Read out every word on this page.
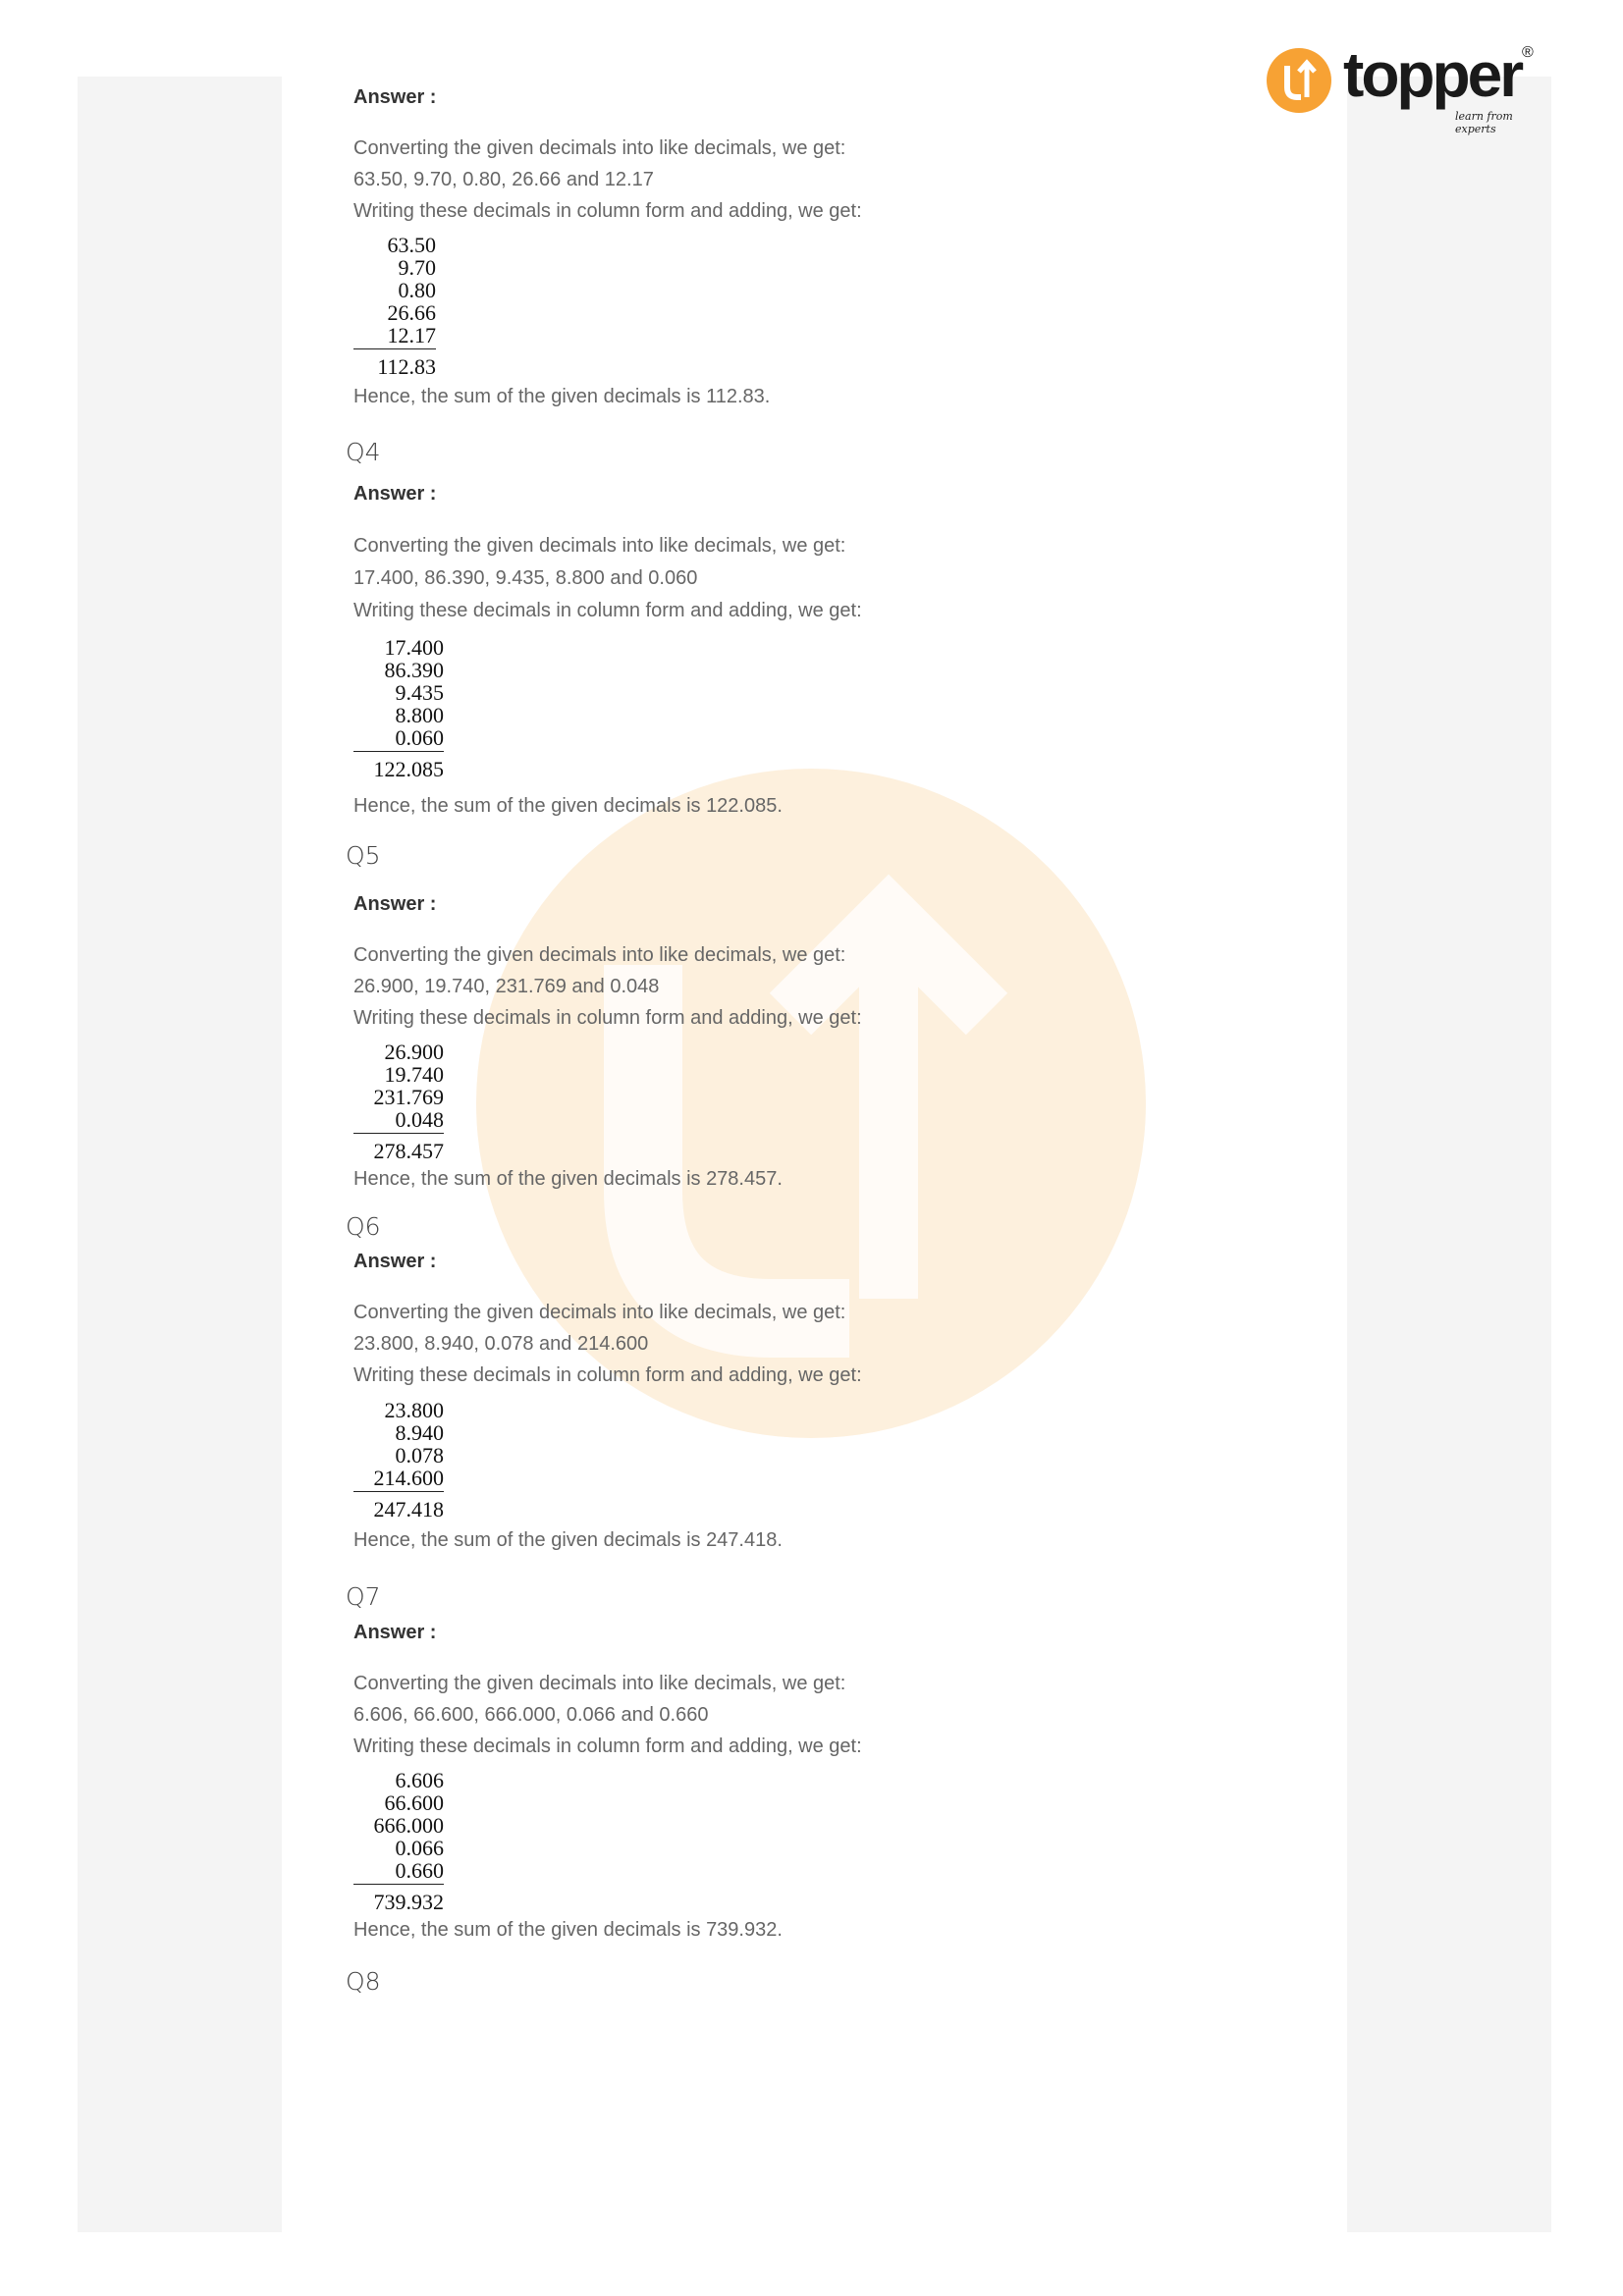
topper ®
learn from experts
Answer :
Converting the given decimals into like decimals, we get:
63.50, 9.70, 0.80, 26.66 and 12.17
Writing these decimals in column form and adding, we get:
63.50
9.70
0.80
26.66
12.17
112.83
Hence, the sum of the given decimals is 112.83.
Q4
Answer :
Converting the given decimals into like decimals, we get:
17.400, 86.390, 9.435, 8.800 and 0.060
Writing these decimals in column form and adding, we get:
17.400
86.390
9.435
8.800
0.060
122.085
Hence, the sum of the given decimals is 122.085.
Q5
Answer :
Converting the given decimals into like decimals, we get:
26.900, 19.740, 231.769 and 0.048
Writing these decimals in column form and adding, we get:
26.900
19.740
231.769
0.048
278.457
Hence, the sum of the given decimals is 278.457.
Q6
Answer :
Converting the given decimals into like decimals, we get:
23.800, 8.940, 0.078 and 214.600
Writing these decimals in column form and adding, we get:
23.800
8.940
0.078
214.600
247.418
Hence, the sum of the given decimals is 247.418.
Q7
Answer :
Converting the given decimals into like decimals, we get:
6.606, 66.600, 666.000, 0.066 and 0.660
Writing these decimals in column form and adding, we get:
6.606
66.600
666.000
0.066
0.660
739.932
Hence, the sum of the given decimals is 739.932.
Q8
